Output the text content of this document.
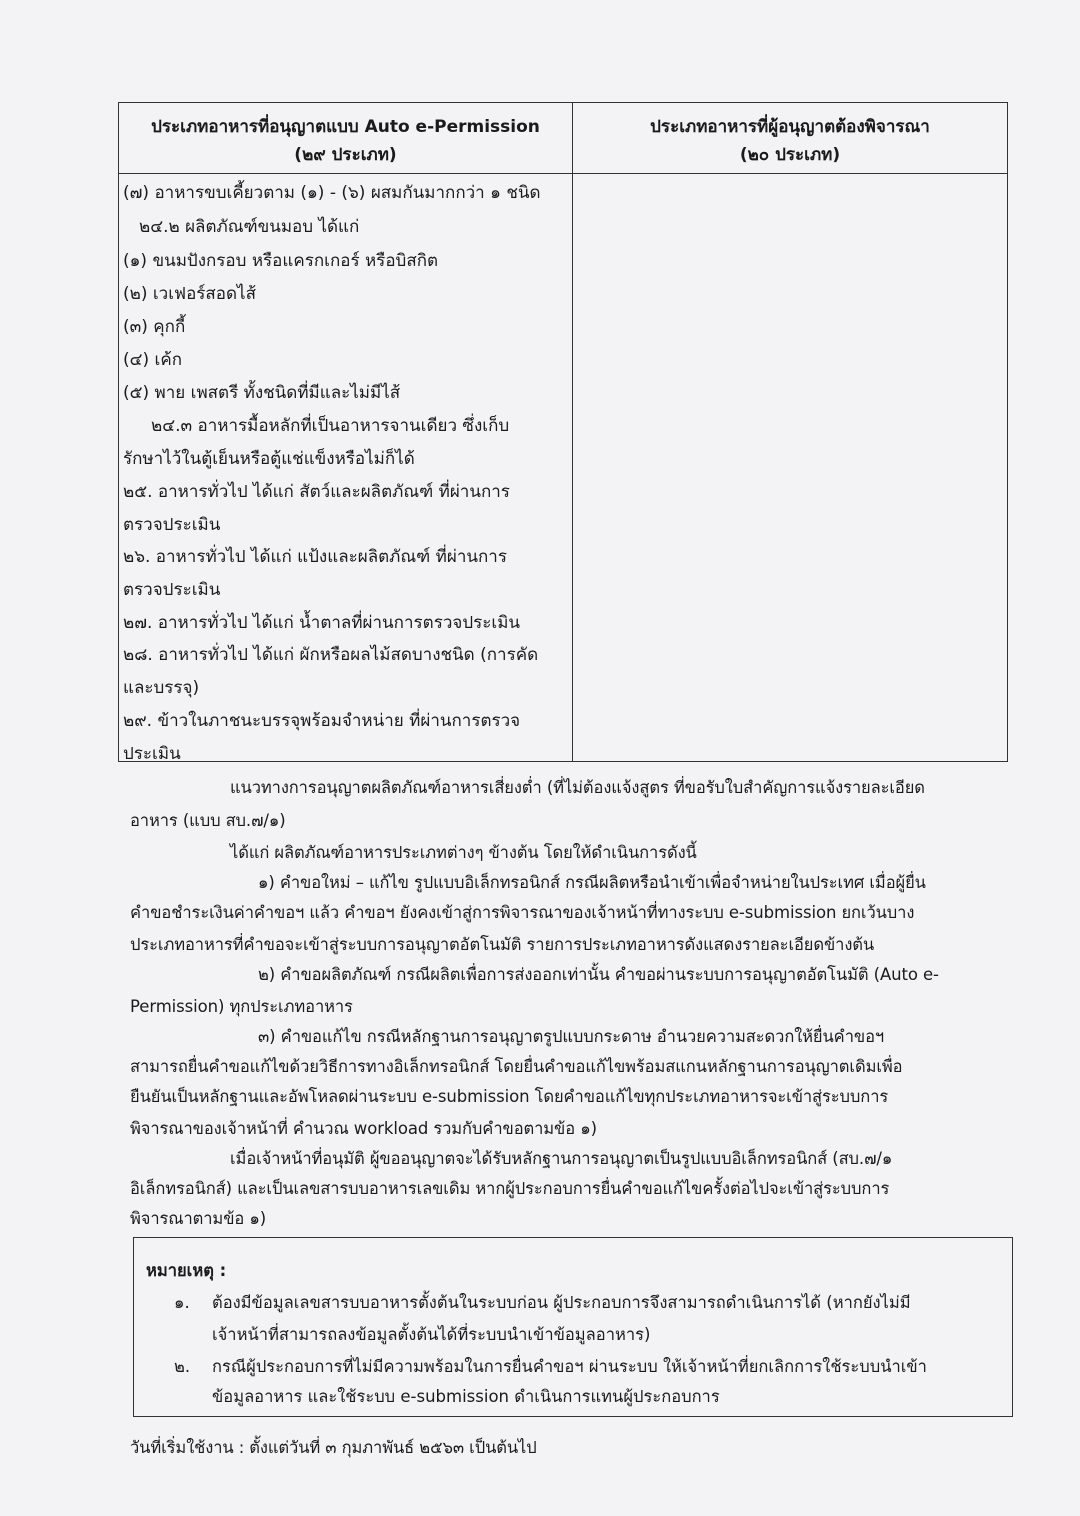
ประเภทอาหารที่อนุญาตแบบ Auto e-Permission
(๒๙ ประเภท)
ประเภทอาหารที่ผู้อนุญาตต้องพิจารณา
(๒๐ ประเภท)
(๗) อาหารขบเคี้ยวตาม (๑) - (๖) ผสมกันมากกว่า ๑ ชนิด
๒๔.๒ ผลิตภัณฑ์ขนมอบ ได้แก่
(๑) ขนมปังกรอบ หรือแครกเกอร์ หรือบิสกิต
(๒) เวเฟอร์สอดไส้
(๓) คุกกี้
(๔) เค้ก
(๕) พาย เพสตรี ทั้งชนิดที่มีและไม่มีไส้
๒๔.๓ อาหารมื้อหลักที่เป็นอาหารจานเดียว ซึ่งเก็บ
รักษาไว้ในตู้เย็นหรือตู้แช่แข็งหรือไม่ก็ได้
๒๕. อาหารทั่วไป ได้แก่ สัตว์และผลิตภัณฑ์ ที่ผ่านการ
ตรวจประเมิน
๒๖. อาหารทั่วไป ได้แก่ แป้งและผลิตภัณฑ์ ที่ผ่านการ
ตรวจประเมิน
๒๗. อาหารทั่วไป ได้แก่ น้ำตาลที่ผ่านการตรวจประเมิน
๒๘. อาหารทั่วไป ได้แก่ ผักหรือผลไม้สดบางชนิด (การคัด
และบรรจุ)
๒๙. ข้าวในภาชนะบรรจุพร้อมจำหน่าย ที่ผ่านการตรวจ
ประเมิน
แนวทางการอนุญาตผลิตภัณฑ์อาหารเสี่ยงต่ำ (ที่ไม่ต้องแจ้งสูตร ที่ขอรับใบสำคัญการแจ้งรายละเอียด
อาหาร (แบบ สบ.๗/๑)
ได้แก่ ผลิตภัณฑ์อาหารประเภทต่างๆ ข้างต้น โดยให้ดำเนินการดังนี้
๑) คำขอใหม่ – แก้ไข รูปแบบอิเล็กทรอนิกส์ กรณีผลิตหรือนำเข้าเพื่อจำหน่ายในประเทศ เมื่อผู้ยื่น
คำขอชำระเงินค่าคำขอฯ แล้ว คำขอฯ ยังคงเข้าสู่การพิจารณาของเจ้าหน้าที่ทางระบบ e-submission ยกเว้นบาง
ประเภทอาหารที่คำขอจะเข้าสู่ระบบการอนุญาตอัตโนมัติ รายการประเภทอาหารดังแสดงรายละเอียดข้างต้น
๒) คำขอผลิตภัณฑ์ กรณีผลิตเพื่อการส่งออกเท่านั้น คำขอผ่านระบบการอนุญาตอัตโนมัติ (Auto e-
Permission) ทุกประเภทอาหาร
๓) คำขอแก้ไข กรณีหลักฐานการอนุญาตรูปแบบกระดาษ อำนวยความสะดวกให้ยื่นคำขอฯ
สามารถยื่นคำขอแก้ไขด้วยวิธีการทางอิเล็กทรอนิกส์ โดยยื่นคำขอแก้ไขพร้อมสแกนหลักฐานการอนุญาตเดิมเพื่อ
ยืนยันเป็นหลักฐานและอัพโหลดผ่านระบบ e-submission โดยคำขอแก้ไขทุกประเภทอาหารจะเข้าสู่ระบบการ
พิจารณาของเจ้าหน้าที่ คำนวณ workload รวมกับคำขอตามข้อ ๑)
เมื่อเจ้าหน้าที่อนุมัติ ผู้ขออนุญาตจะได้รับหลักฐานการอนุญาตเป็นรูปแบบอิเล็กทรอนิกส์ (สบ.๗/๑
อิเล็กทรอนิกส์) และเป็นเลขสารบบอาหารเลขเดิม หากผู้ประกอบการยื่นคำขอแก้ไขครั้งต่อไปจะเข้าสู่ระบบการ
พิจารณาตามข้อ ๑)
หมายเหตุ :
๑. ต้องมีข้อมูลเลขสารบบอาหารตั้งต้นในระบบก่อน ผู้ประกอบการจึงสามารถดำเนินการได้ (หากยังไม่มี
เจ้าหน้าที่สามารถลงข้อมูลตั้งต้นได้ที่ระบบนำเข้าข้อมูลอาหาร)
๒. กรณีผู้ประกอบการที่ไม่มีความพร้อมในการยื่นคำขอฯ ผ่านระบบ ให้เจ้าหน้าที่ยกเลิกการใช้ระบบนำเข้า
ข้อมูลอาหาร และใช้ระบบ e-submission ดำเนินการแทนผู้ประกอบการ
วันที่เริ่มใช้งาน : ตั้งแต่วันที่ ๓ กุมภาพันธ์ ๒๕๖๓ เป็นต้นไป
